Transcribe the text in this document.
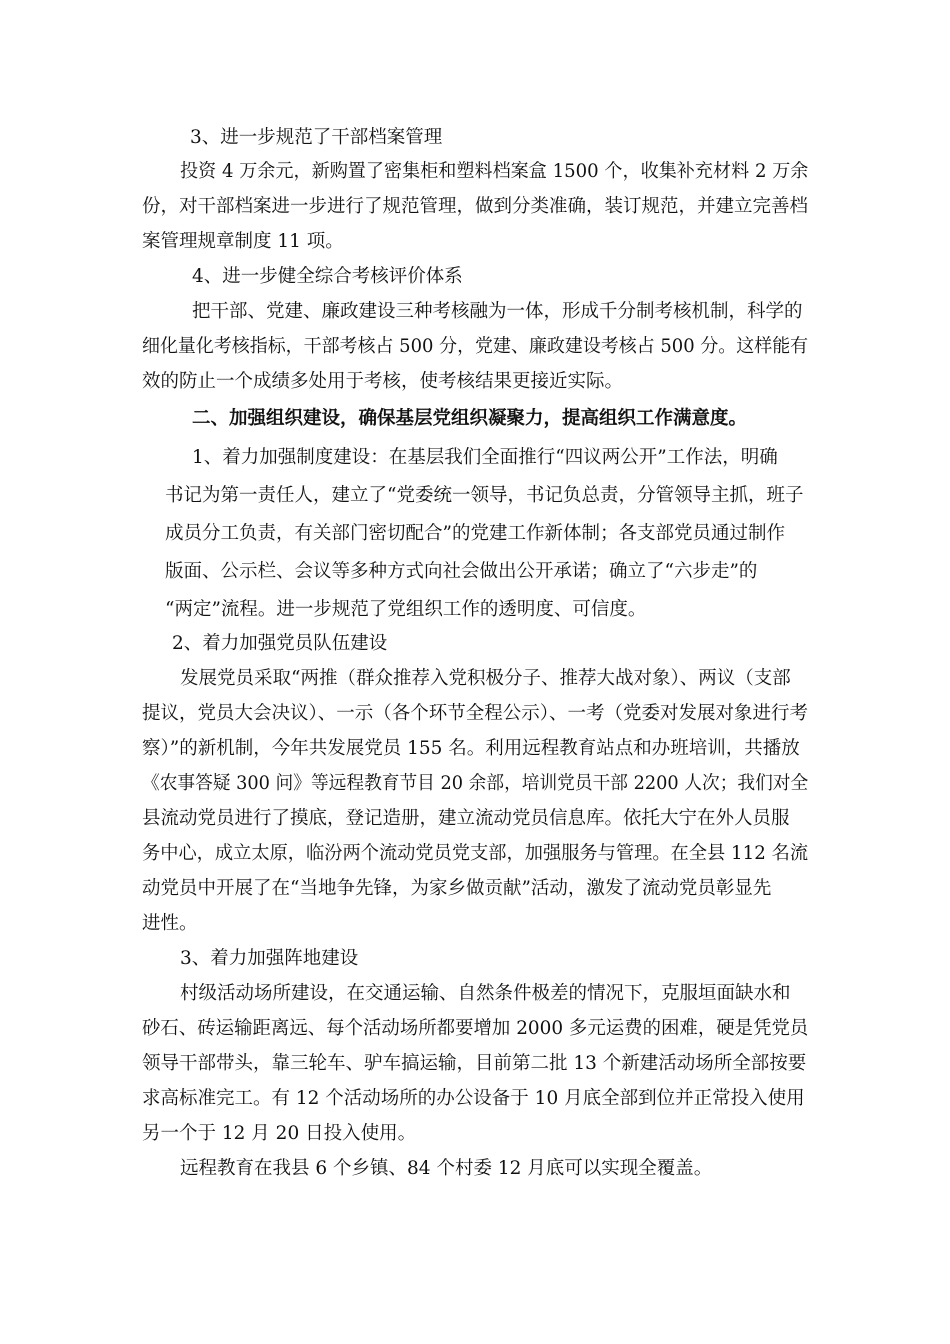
3、进一步规范了干部档案管理
投资 4 万余元，新购置了密集柜和塑料档案盒 1500 个，收集补充材料 2 万余
份，对干部档案进一步进行了规范管理，做到分类准确，装订规范，并建立完善档
案管理规章制度 11 项。
4、进一步健全综合考核评价体系
把干部、党建、廉政建设三种考核融为一体，形成千分制考核机制，科学的
细化量化考核指标，干部考核占 500 分，党建、廉政建设考核占 500 分。这样能有
效的防止一个成绩多处用于考核，使考核结果更接近实际。
二、加强组织建设，确保基层党组织凝聚力，提高组织工作满意度。
1、着力加强制度建设：在基层我们全面推行“四议两公开”工作法，明确
书记为第一责任人，建立了“党委统一领导，书记负总责，分管领导主抓，班子
成员分工负责，有关部门密切配合”的党建工作新体制；各支部党员通过制作
版面、公示栏、会议等多种方式向社会做出公开承诺；确立了“六步走”的
“两定”流程。进一步规范了党组织工作的透明度、可信度。
2、着力加强党员队伍建设
发展党员采取“两推（群众推荐入党积极分子、推荐大战对象）、两议（支部
提议，党员大会决议）、一示（各个环节全程公示）、一考（党委对发展对象进行考
察）”的新机制，今年共发展党员 155 名。利用远程教育站点和办班培训，共播放
《农事答疑 300 问》等远程教育节目 20 余部，培训党员干部 2200 人次；我们对全
县流动党员进行了摸底，登记造册，建立流动党员信息库。依托大宁在外人员服
务中心，成立太原，临汾两个流动党员党支部，加强服务与管理。在全县 112 名流
动党员中开展了在“当地争先锋，为家乡做贡献”活动，激发了流动党员彰显先
进性。
3、着力加强阵地建设
村级活动场所建设，在交通运输、自然条件极差的情况下，克服垣面缺水和
砂石、砖运输距离远、每个活动场所都要增加 2000 多元运费的困难，硬是凭党员
领导干部带头，靠三轮车、驴车搞运输，目前第二批 13 个新建活动场所全部按要
求高标准完工。有 12 个活动场所的办公设备于 10 月底全部到位并正常投入使用
另一个于 12 月 20 日投入使用。
远程教育在我县 6 个乡镇、84 个村委 12 月底可以实现全覆盖。
